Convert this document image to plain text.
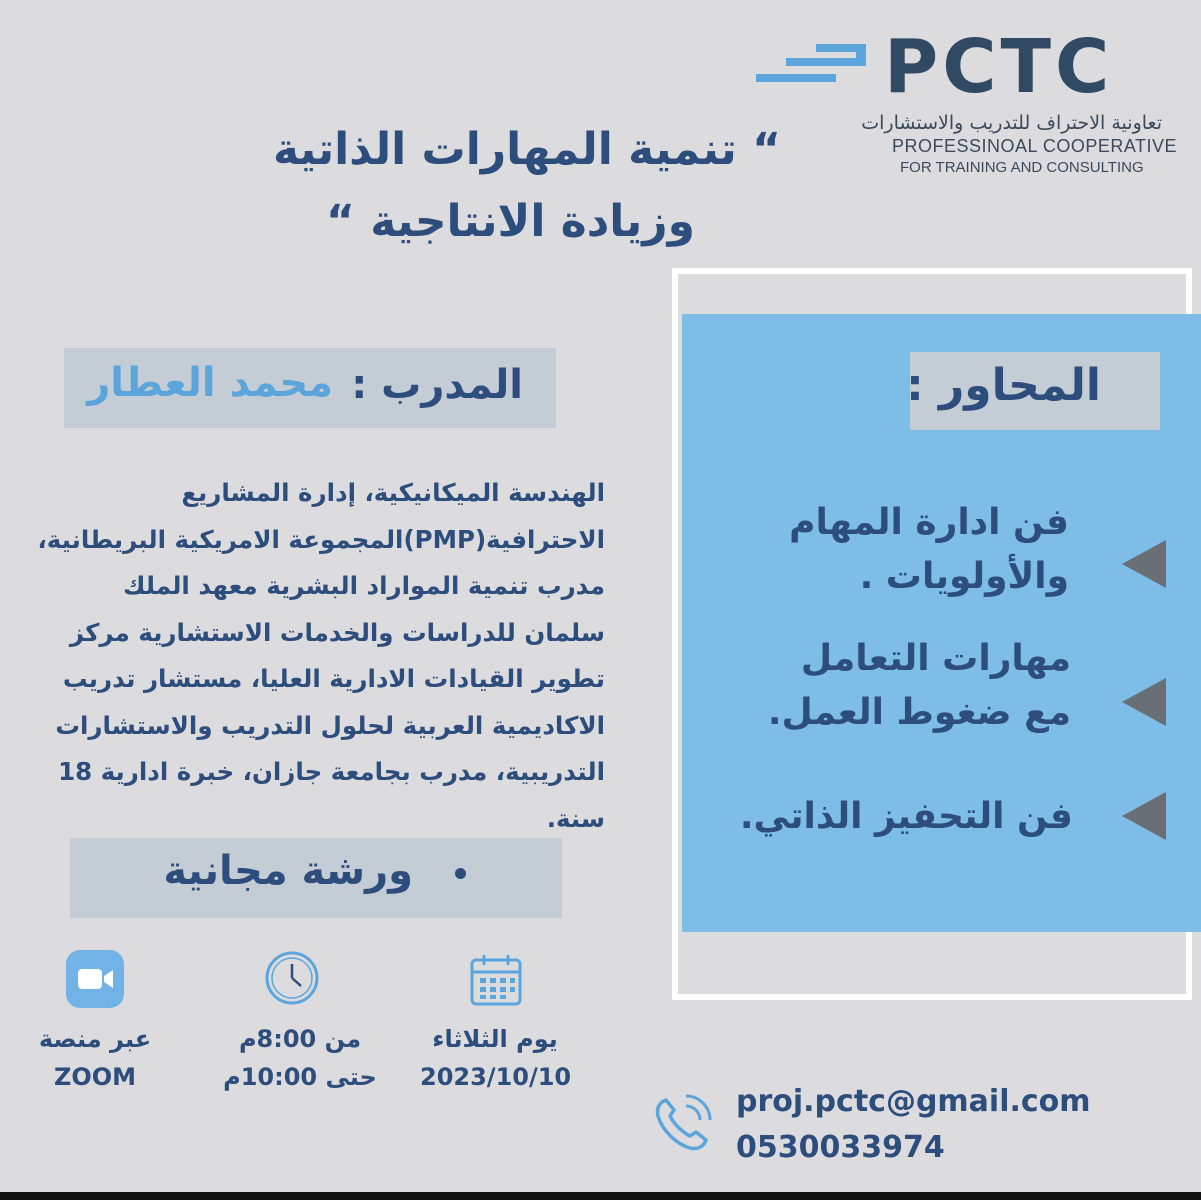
PCTC
تعاونية الاحتراف للتدريب والاستشارات
PROFESSINOAL COOPERATIVE
FOR TRAINING AND CONSULTING
“ تنمية المهارات الذاتية
وزيادة الانتاجية “
المحاور :
فن ادارة المهام
والأولويات .
مهارات التعامل
مع ضغوط العمل.
فن التحفيز الذاتي.
المدرب :
محمد العطار
الهندسة الميكانيكية، إدارة المشاريع الاحترافية(PMP)المجموعة الامريكية البريطانية، مدرب تنمية المواراد البشرية معهد الملك سلمان للدراسات والخدمات الاستشارية مركز تطوير القيادات الادارية العليا، مستشار تدريب الاكاديمية العربية لحلول التدريب والاستشارات التدريبية، مدرب بجامعة جازان، خبرة ادارية 18 سنة.
ورشة مجانية
عبر منصة
ZOOM
من 8:00م
حتى 10:00م
يوم الثلاثاء
2023/10/10
proj.pctc@gmail.com
0530033974
